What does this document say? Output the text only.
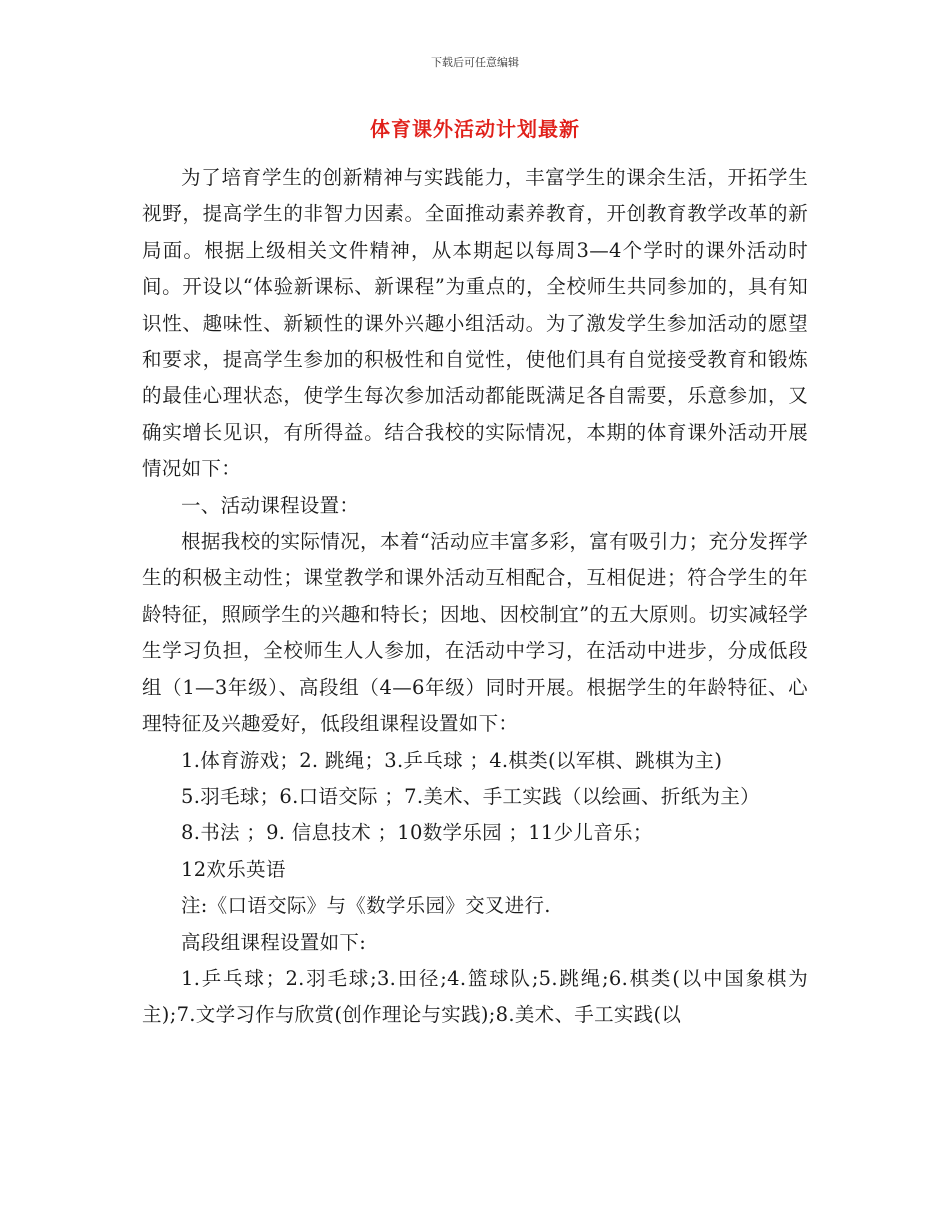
下载后可任意编辑
体育课外活动计划最新

为了培育学生的创新精神与实践能力，丰富学生的课余生活，开拓学生视野，提高学生的非智力因素。全面推动素养教育，开创教育教学改革的新局面。根据上级相关文件精神，从本期起以每周3—4个学时的课外活动时间。开设以“体验新课标、新课程”为重点的，全校师生共同参加的，具有知识性、趣味性、新颖性的课外兴趣小组活动。为了激发学生参加活动的愿望和要求，提高学生参加的积极性和自觉性，使他们具有自觉接受教育和锻炼的最佳心理状态，使学生每次参加活动都能既满足各自需要，乐意参加，又确实增长见识，有所得益。结合我校的实际情况，本期的体育课外活动开展情况如下：

一、活动课程设置：

根据我校的实际情况，本着“活动应丰富多彩，富有吸引力；充分发挥学生的积极主动性；课堂教学和课外活动互相配合，互相促进；符合学生的年龄特征，照顾学生的兴趣和特长；因地、因校制宜”的五大原则。切实减轻学生学习负担，全校师生人人参加，在活动中学习，在活动中进步，分成低段组（1—3年级）、高段组（4—6年级）同时开展。根据学生的年龄特征、心理特征及兴趣爱好，低段组课程设置如下：

1.体育游戏；2. 跳绳；3.乒乓球 ；4.棋类(以军棋、跳棋为主)

5.羽毛球；6.口语交际 ；7.美术、手工实践（以绘画、折纸为主）

8.书法 ；9. 信息技术 ；10数学乐园 ；11少儿音乐；

12欢乐英语

注:《口语交际》与《数学乐园》交叉进行.

高段组课程设置如下:

1.乒乓球；2.羽毛球;3.田径;4.篮球队;5.跳绳;6.棋类(以中国象棋为主);7.文学习作与欣赏(创作理论与实践);8.美术、手工实践(以
